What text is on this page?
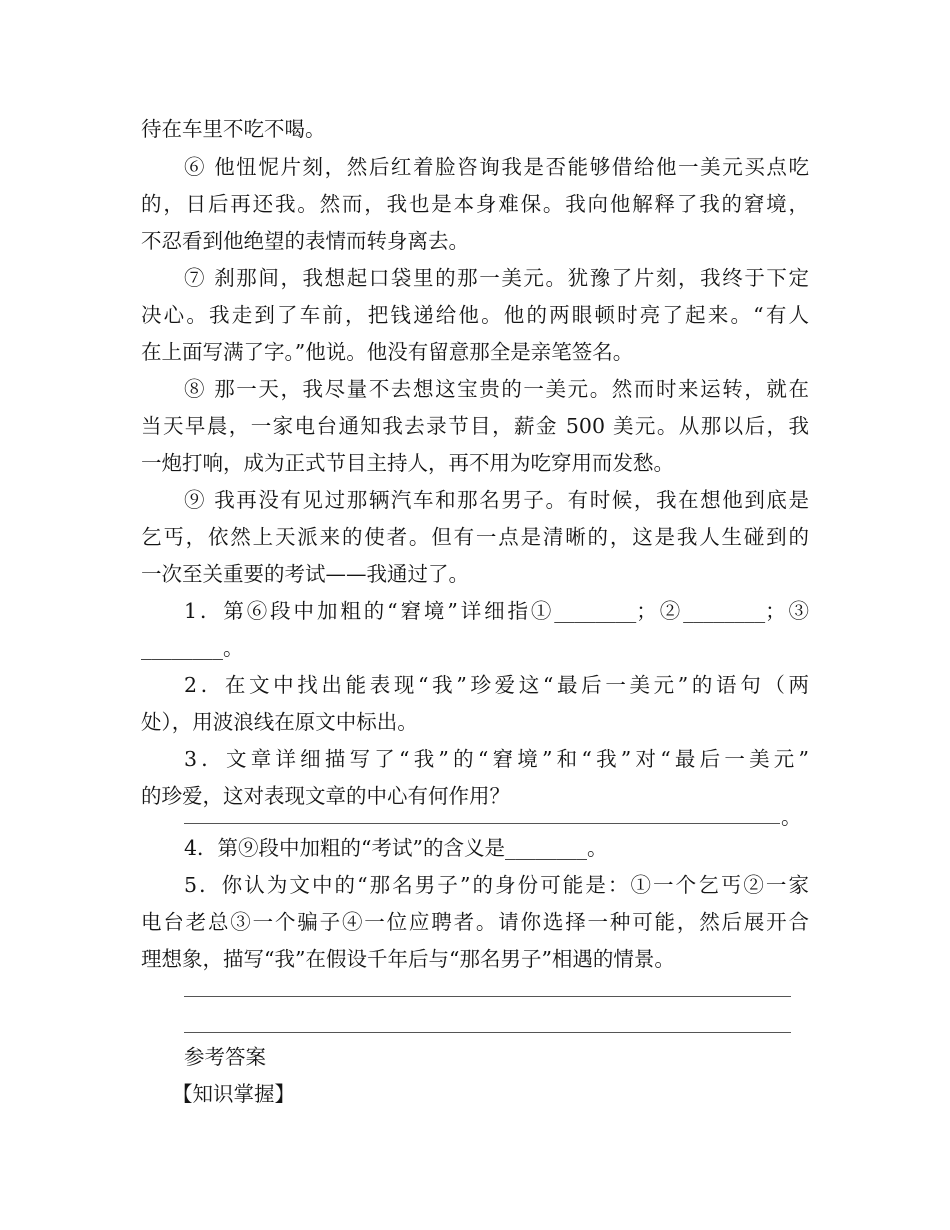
待在车里不吃不喝。
⑥ 他忸怩片刻，然后红着脸咨询我是否能够借给他一美元买点吃
的，日后再还我。然而，我也是本身难保。我向他解释了我的窘境，
不忍看到他绝望的表情而转身离去。
⑦ 刹那间，我想起口袋里的那一美元。犹豫了片刻，我终于下定
决心。我走到了车前，把钱递给他。他的两眼顿时亮了起来。“有人
在上面写满了字。”他说。他没有留意那全是亲笔签名。
⑧ 那一天，我尽量不去想这宝贵的一美元。然而时来运转，就在
当天早晨，一家电台通知我去录节目，薪金 500 美元。从那以后，我
一炮打响，成为正式节目主持人，再不用为吃穿用而发愁。
⑨ 我再没有见过那辆汽车和那名男子。有时候，我在想他到底是
乞丐，依然上天派来的使者。但有一点是清晰的，这是我人生碰到的
一次至关重要的考试——我通过了。
1．第⑥段中加粗的“窘境”详细指①________；②________；③
________。
2．在文中找出能表现“我”珍爱这“最后一美元”的语句（两
处），用波浪线在原文中标出。
3．文章详细描写了“我”的“窘境”和“我”对“最后一美元”
的珍爱，这对表现文章的中心有何作用？
。
4．第⑨段中加粗的“考试”的含义是________。
5．你认为文中的“那名男子”的身份可能是：①一个乞丐②一家
电台老总③一个骗子④一位应聘者。请你选择一种可能，然后展开合
理想象，描写“我”在假设千年后与“那名男子”相遇的情景。
参考答案
【知识掌握】
